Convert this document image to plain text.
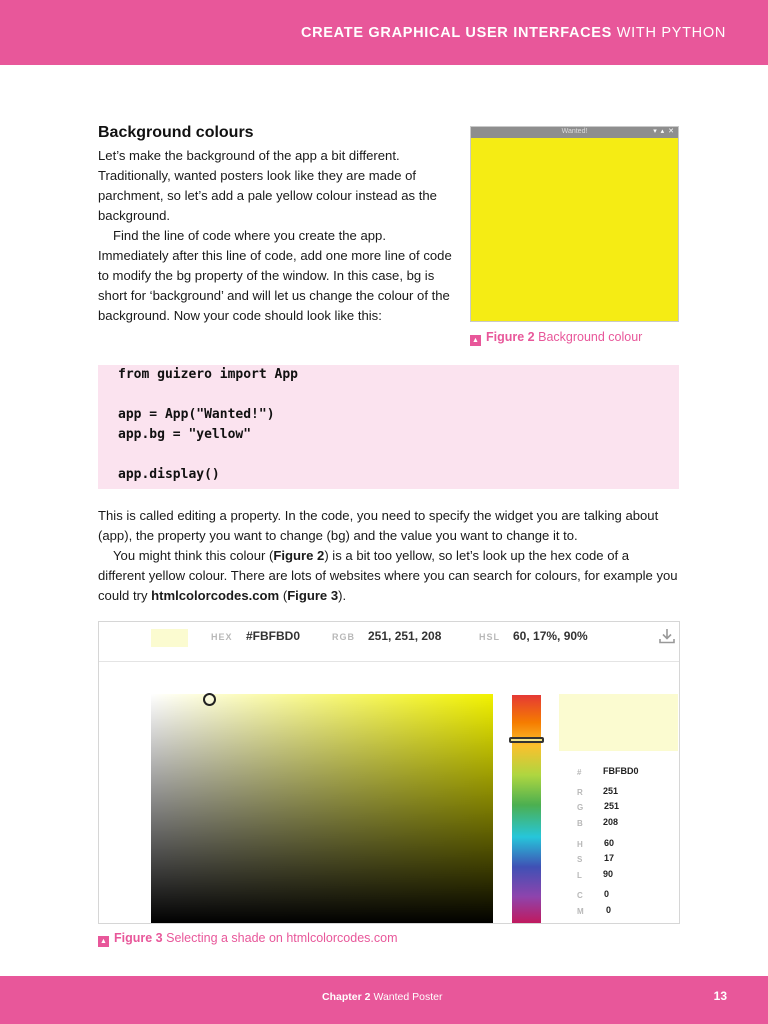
CREATE GRAPHICAL USER INTERFACES WITH PYTHON
Background colours
Let’s make the background of the app a bit different. Traditionally, wanted posters look like they are made of parchment, so let’s add a pale yellow colour instead as the background.
Find the line of code where you create the app. Immediately after this line of code, add one more line of code to modify the bg property of the window. In this case, bg is short for ‘background’ and will let us change the colour of the background. Now your code should look like this:
Wanted!	▾ ▴ ✕
▲ Figure 2 Background colour
from guizero import App
app = App("Wanted!")
app.bg = "yellow"
app.display()
This is called editing a property. In the code, you need to specify the widget you are talking about (app), the property you want to change (bg) and the value you want to change it to.
You might think this colour (Figure 2) is a bit too yellow, so let’s look up the hex code of a different yellow colour. There are lots of websites where you can search for colours, for example you could try htmlcolorcodes.com (Figure 3).
HEX #FBFBD0	RGB 251, 251, 208	HSL 60, 17%, 90%
# FBFBD0
R 251
G 251
B 208
H 60
S 17
L 90
C 0
M 0
▲ Figure 3 Selecting a shade on htmlcolorcodes.com
Chapter 2 Wanted Poster	13
